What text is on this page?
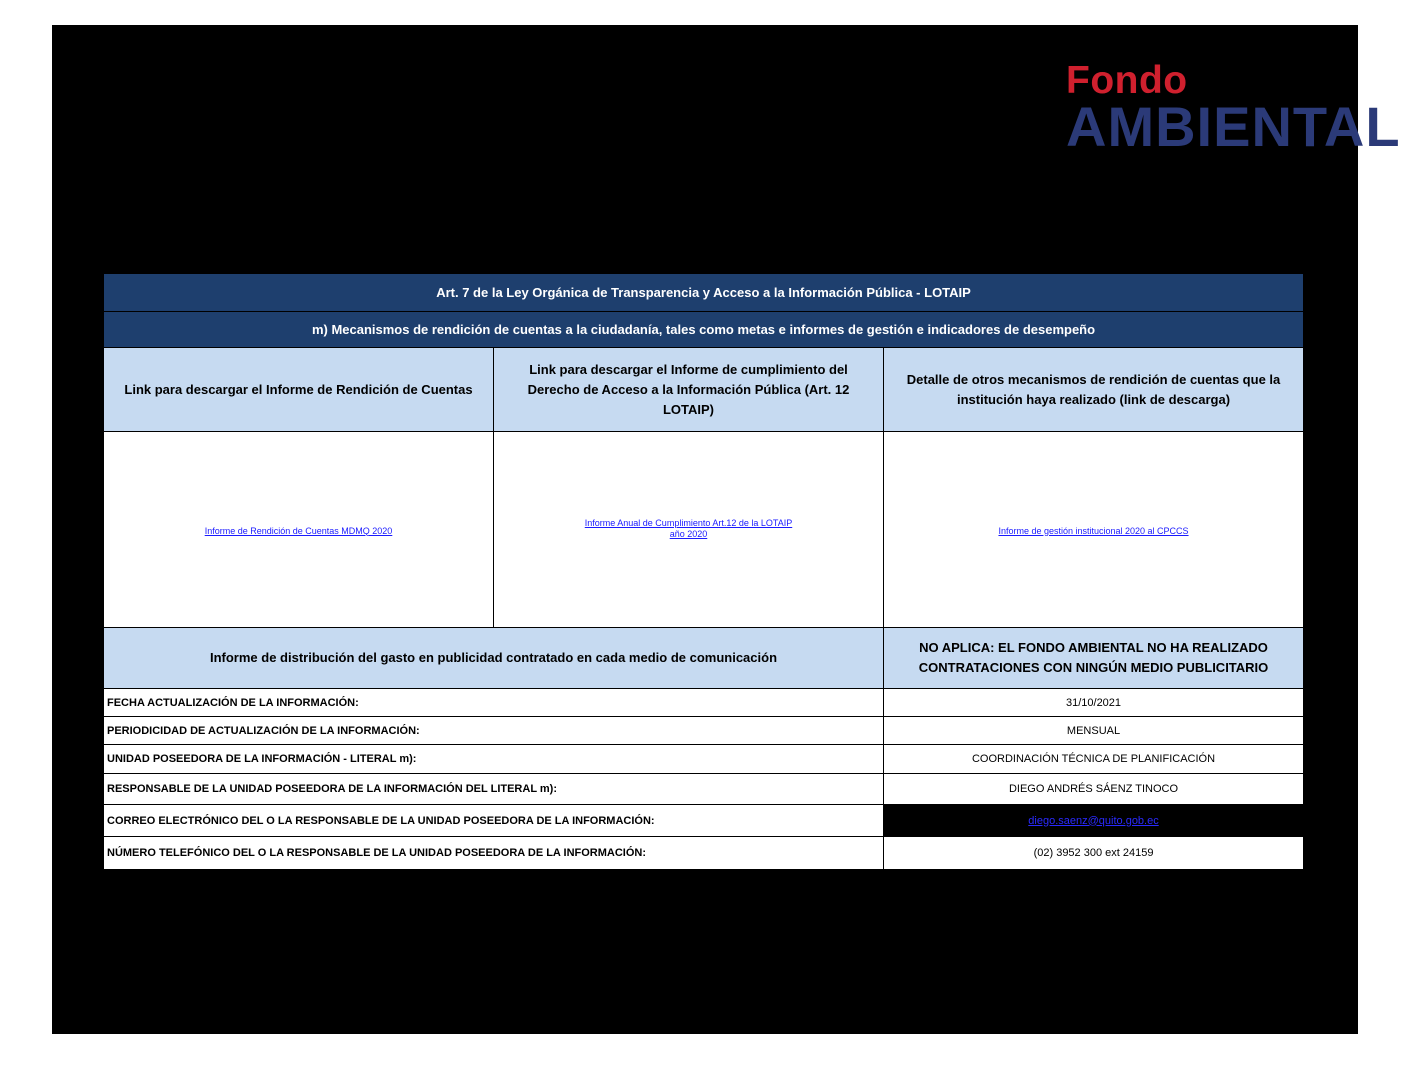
Fondo
AMBIENTAL
Art. 7 de la Ley Orgánica de Transparencia y Acceso a la Información Pública - LOTAIP		
m) Mecanismos de rendición de cuentas a la ciudadanía, tales como metas e informes de gestión e indicadores de desempeño		
Link para descargar el Informe de Rendición de Cuentas	Link para descargar el Informe de cumplimiento del Derecho de Acceso a la Información Pública (Art. 12 LOTAIP)	Detalle de otros mecanismos de rendición de cuentas que la institución haya realizado (link de descarga)
Informe de Rendición de Cuentas MDMQ 2020	Informe Anual de Cumplimiento Art.12 de la LOTAIP año 2020	Informe de gestión institucional 2020 al CPCCS
Informe de distribución del gasto en publicidad contratado en cada medio de comunicación		NO APLICA: EL FONDO AMBIENTAL NO HA REALIZADO CONTRATACIONES CON NINGÚN MEDIO PUBLICITARIO
FECHA ACTUALIZACIÓN DE LA INFORMACIÓN:		31/10/2021
PERIODICIDAD DE ACTUALIZACIÓN DE LA INFORMACIÓN:		MENSUAL
UNIDAD POSEEDORA DE LA INFORMACIÓN - LITERAL m):		COORDINACIÓN TÉCNICA DE PLANIFICACIÓN
RESPONSABLE DE LA UNIDAD POSEEDORA DE LA INFORMACIÓN DEL LITERAL m):		DIEGO ANDRÉS SÁENZ TINOCO
CORREO ELECTRÓNICO DEL O LA RESPONSABLE DE LA UNIDAD POSEEDORA DE LA INFORMACIÓN:		diego.saenz@quito.gob.ec
NÚMERO TELEFÓNICO DEL O LA RESPONSABLE DE LA UNIDAD POSEEDORA DE LA INFORMACIÓN:		(02) 3952 300 ext 24159
